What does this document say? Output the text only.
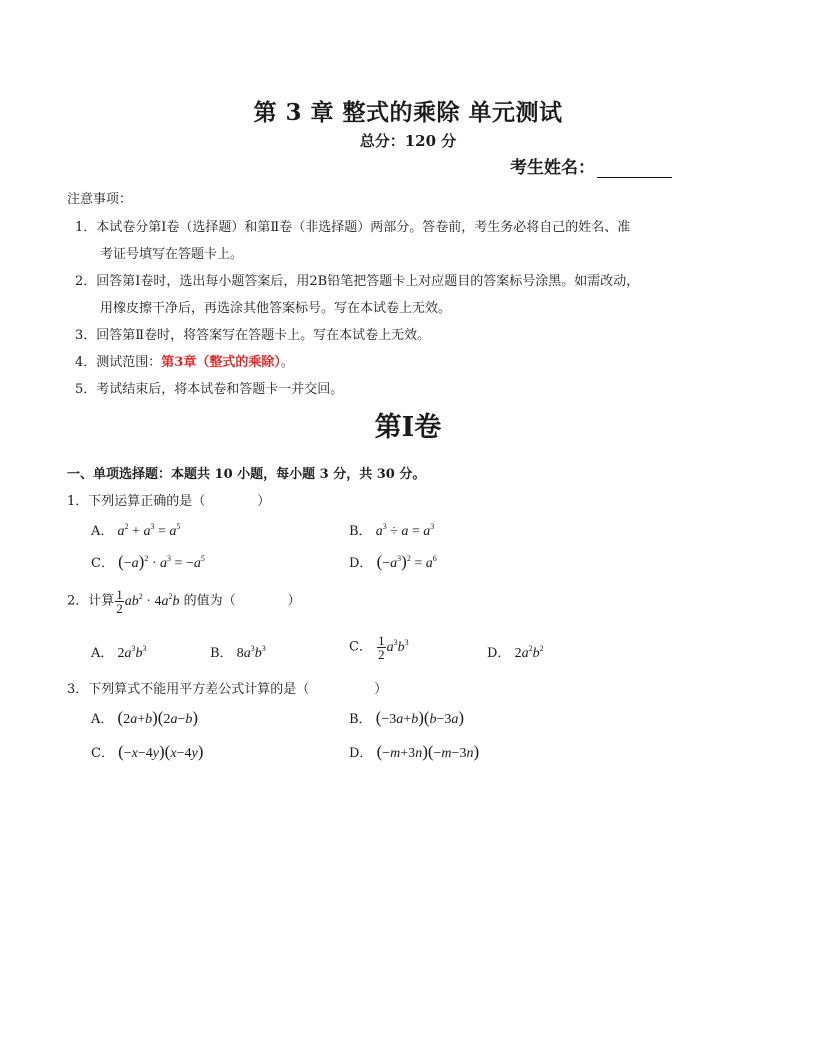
第 3 章 整式的乘除 单元测试
总分：120 分
考生姓名：
注意事项：
1．本试卷分第Ⅰ卷（选择题）和第Ⅱ卷（非选择题）两部分。答卷前，考生务必将自己的姓名、准
考证号填写在答题卡上。
2．回答第Ⅰ卷时，选出每小题答案后，用2B铅笔把答题卡上对应题目的答案标号涂黑。如需改动，
用橡皮擦干净后，再选涂其他答案标号。写在本试卷上无效。
3．回答第Ⅱ卷时，将答案写在答题卡上。写在本试卷上无效。
4．测试范围：第3章（整式的乘除）。
5．考试结束后，将本试卷和答题卡一并交回。
第Ⅰ卷
一、单项选择题：本题共 10 小题，每小题 3 分，共 30 分。
1．下列运算正确的是（　　　　）
A． $a^2 + a^3 = a^5$	B． $a^3 \div a = a^3$
C． $(-a)^2 \cdot a^3 = -a^5$	D． $(-a^3)^2 = a^6$
2．计算 $\frac{1}{2} ab^2 \cdot 4a^2b$ 的值为（　　　　）
A． $2a^3b^3$	B． $8a^3b^3$	C． $\frac{1}{2} a^3b^3$
D． $2a^2b^2$
3．下列算式不能用平方差公式计算的是（　　　　　）
A． (2a+b)(2a−b)	B． (−3a+b)(b−3a)
C． (−x−4y)(x−4y)	D． (−m+3n)(−m−3n)
